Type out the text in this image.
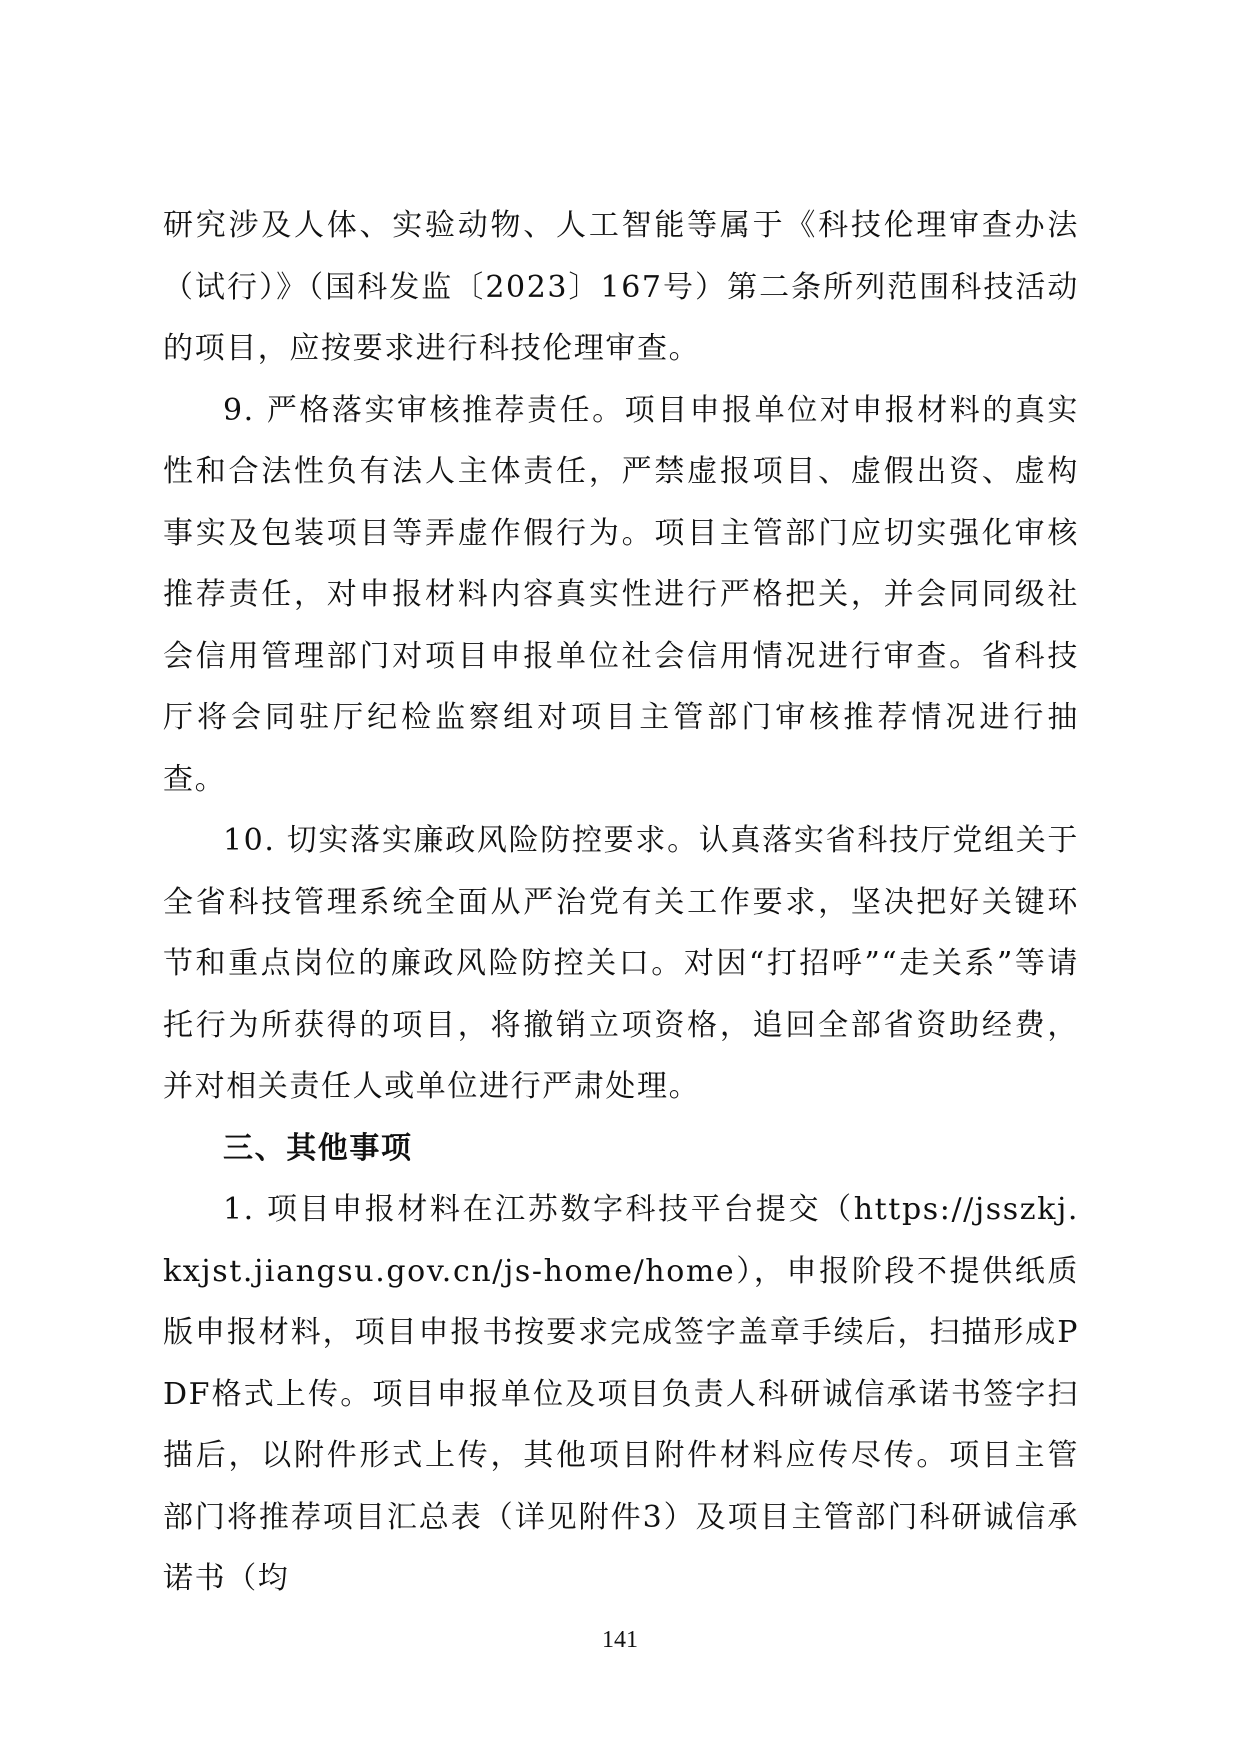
研究涉及人体、实验动物、人工智能等属于《科技伦理审查办法（试行）》（国科发监〔2023〕167号）第二条所列范围科技活动的项目，应按要求进行科技伦理审查。

9. 严格落实审核推荐责任。项目申报单位对申报材料的真实性和合法性负有法人主体责任，严禁虚报项目、虚假出资、虚构事实及包装项目等弄虚作假行为。项目主管部门应切实强化审核推荐责任，对申报材料内容真实性进行严格把关，并会同同级社会信用管理部门对项目申报单位社会信用情况进行审查。省科技厅将会同驻厅纪检监察组对项目主管部门审核推荐情况进行抽查。

10. 切实落实廉政风险防控要求。认真落实省科技厅党组关于全省科技管理系统全面从严治党有关工作要求，坚决把好关键环节和重点岗位的廉政风险防控关口。对因“打招呼”“走关系”等请托行为所获得的项目，将撤销立项资格，追回全部省资助经费，并对相关责任人或单位进行严肃处理。

三、其他事项

1. 项目申报材料在江苏数字科技平台提交（https://jsszkj.kxjst.jiangsu.gov.cn/js-home/home），申报阶段不提供纸质版申报材料，项目申报书按要求完成签字盖章手续后，扫描形成PDF格式上传。项目申报单位及项目负责人科研诚信承诺书签字扫描后，以附件形式上传，其他项目附件材料应传尽传。项目主管部门将推荐项目汇总表（详见附件3）及项目主管部门科研诚信承诺书（均

141
